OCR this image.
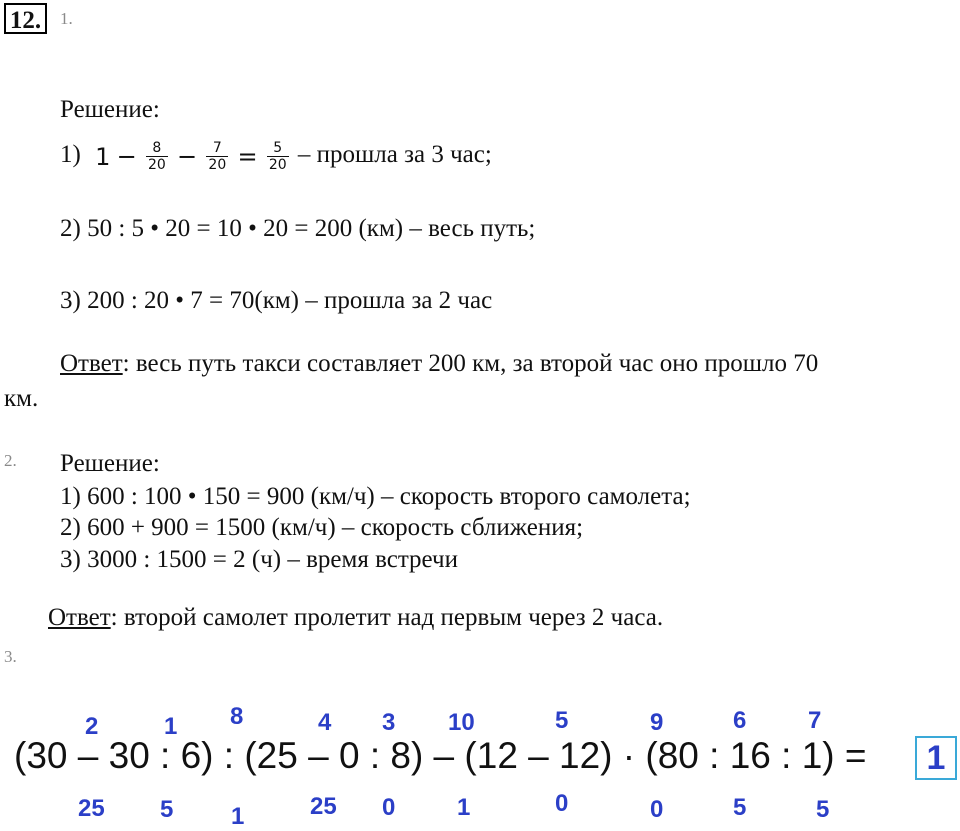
12.	1.
Решение:
1) $1 - \frac{8}{20} - \frac{7}{20} = \frac{5}{20}$ – прошла за 3 час;
2) 50 : 5 • 20 = 10 • 20 = 200 (км) – весь путь;
3) 200 : 20 • 7 = 70(км) – прошла за 2 час
Ответ: весь путь такси составляет 200 км, за второй час оно прошло 70
км.
2. Решение:
1) 600 : 100 • 150 = 900 (км/ч) – скорость второго самолета;
2) 600 + 900 = 1500 (км/ч) – скорость сближения;
3) 3000 : 1500 = 2 (ч) – время встречи
Ответ: второй самолет пролетит над первым через 2 часа.
3.
2	1 8	4 3 10	5	9	6	7
(30 – 30 : 6) : (25 – 0 : 8) – (12 – 12) · (80 : 16 : 1) =	1
25 5 1	25 0	1	0	0	5	5
